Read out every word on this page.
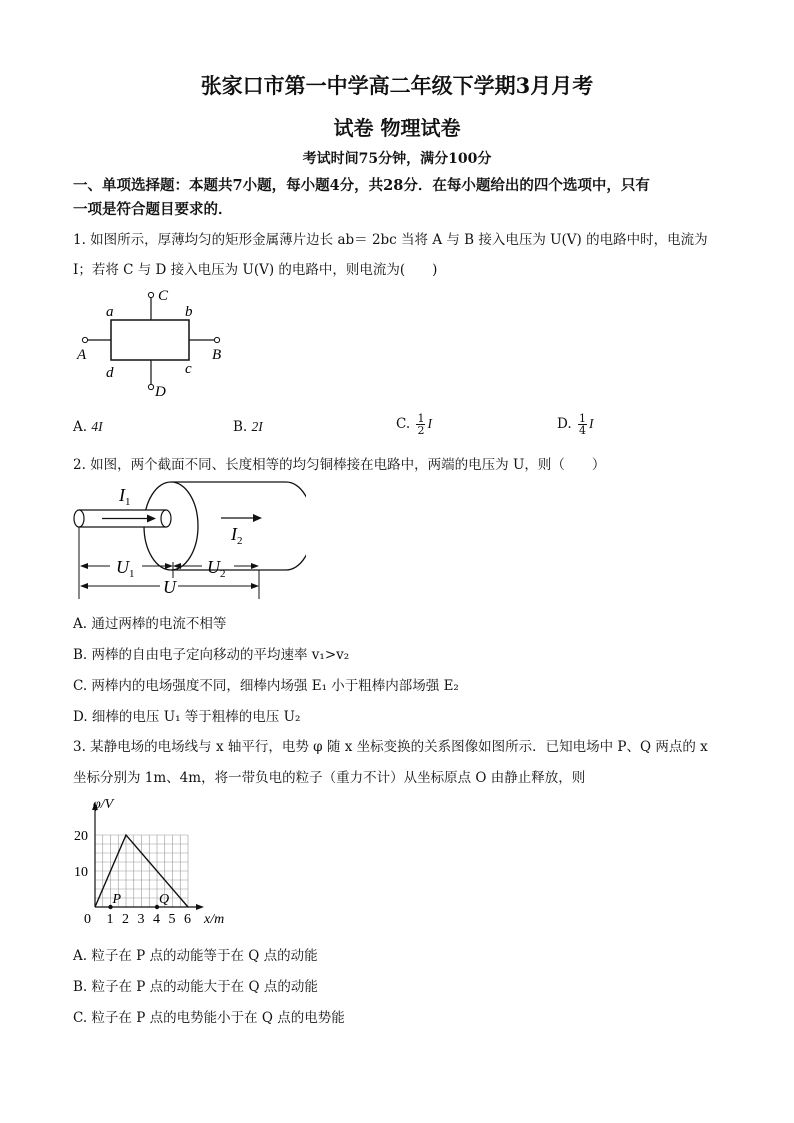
张家口市第一中学高二年级下学期3月月考
试卷 物理试卷
考试时间75分钟，满分100分
一、单项选择题：本题共7小题，每小题4分，共28分．在每小题给出的四个选项中，只有
一项是符合题目要求的．
1. 如图所示，厚薄均匀的矩形金属薄片边长 ab＝ 2bc 当将 A 与 B 接入电压为 U(V) 的电路中时，电流为
I；若将 C 与 D 接入电压为 U(V) 的电路中，则电流为(　　)
C
D
a	b
c
d
A	B
A. 4I	B. 2I	C. $\frac{1}{2}$ I	D. $\frac{1}{4}$ I
2. 如图，两个截面不同、长度相等的均匀铜棒接在电路中，两端的电压为 U，则（　　）
$I_1$
$I_2$
$U_1$	$U_2$
U
A. 通过两棒的电流不相等
B. 两棒的自由电子定向移动的平均速率 v₁>v₂
C. 两棒内的电场强度不同，细棒内场强 E₁ 小于粗棒内部场强 E₂
D. 细棒的电压 U₁ 等于粗棒的电压 U₂
3. 某静电场的电场线与 x 轴平行，电势 φ 随 x 坐标变换的关系图像如图所示．已知电场中 P、Q 两点的 x
坐标分别为 1m、4m，将一带负电的粒子（重力不计）从坐标原点 O 由静止释放，则
1 2 3 4 5 6
10
20
P	Q
φ/V
x/m
0
A. 粒子在 P 点的动能等于在 Q 点的动能
B. 粒子在 P 点的动能大于在 Q 点的动能
C. 粒子在 P 点的电势能小于在 Q 点的电势能
